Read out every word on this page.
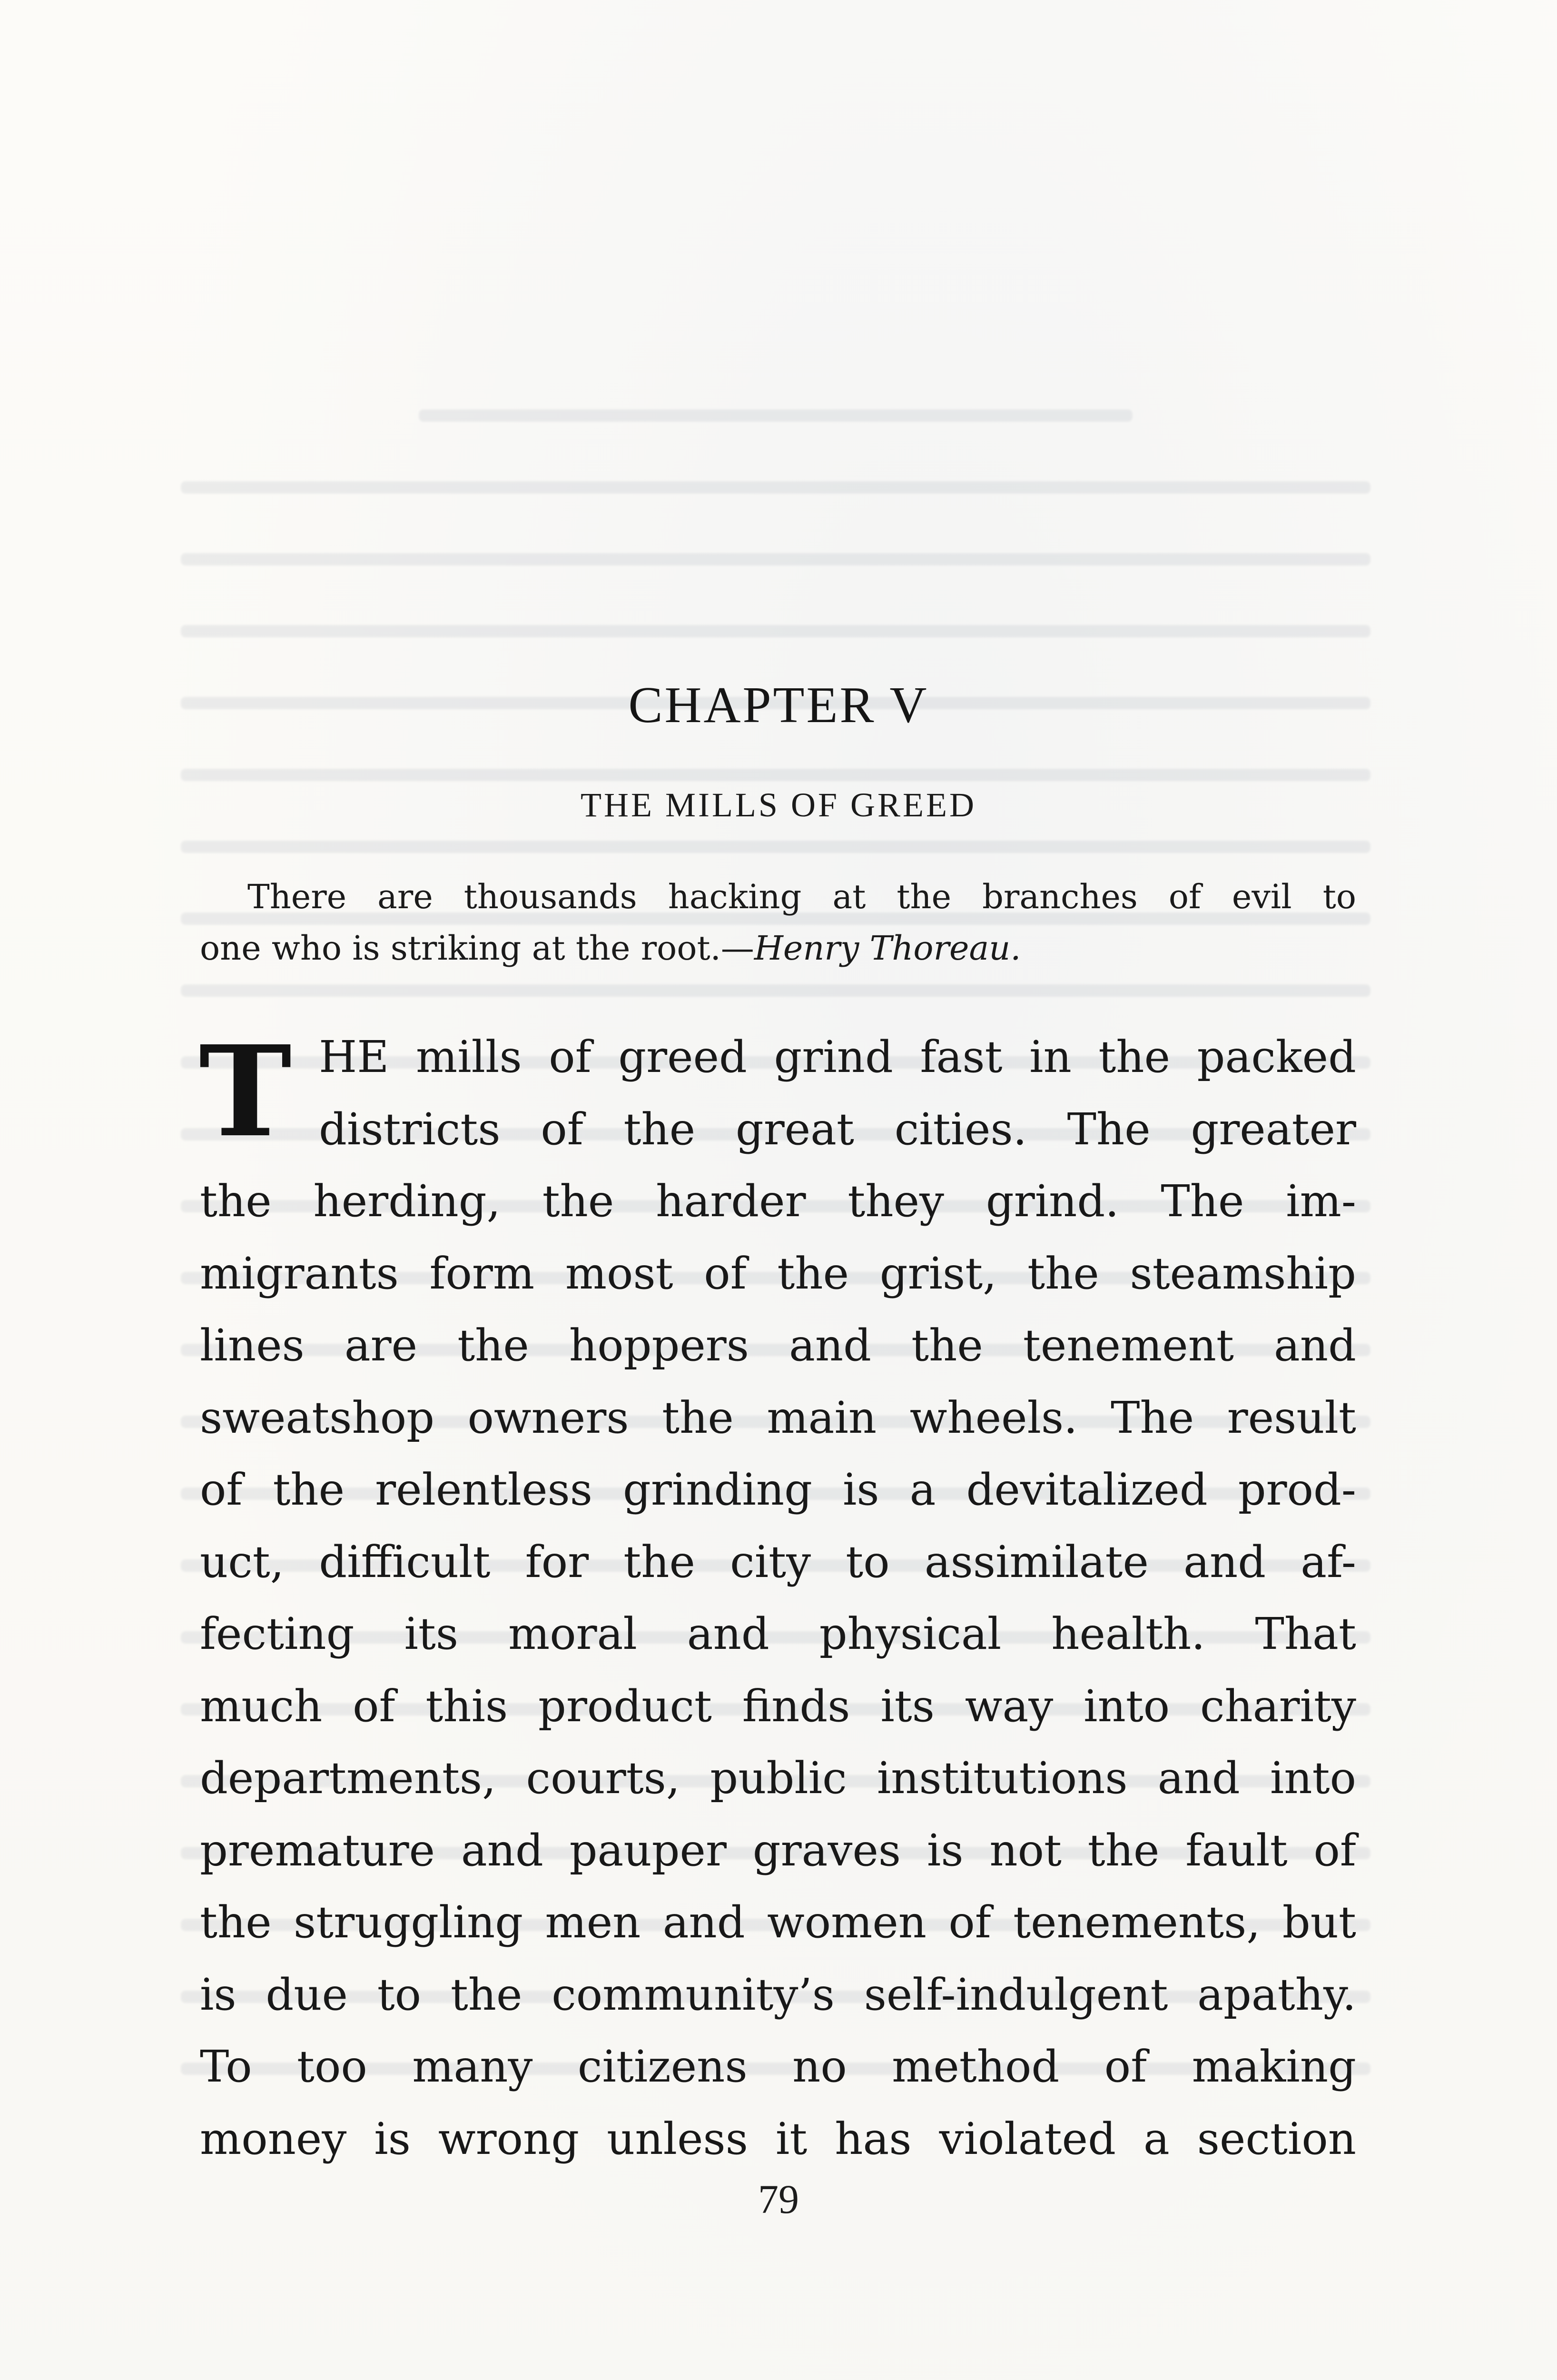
CHAPTER V
THE MILLS OF GREED
There are thousands hacking at the branches of evil to
one who is striking at the root.—Henry Thoreau.
T HE mills of greed grind fast in the packed
districts of the great cities. The greater
the herding, the harder they grind. The im-
migrants form most of the grist, the steamship
lines are the hoppers and the tenement and
sweatshop owners the main wheels. The result
of the relentless grinding is a devitalized prod-
uct, difficult for the city to assimilate and af-
fecting its moral and physical health. That
much of this product finds its way into charity
departments, courts, public institutions and into
premature and pauper graves is not the fault of
the struggling men and women of tenements, but
is due to the community’s self-indulgent apathy.
To too many citizens no method of making
money is wrong unless it has violated a section
79
